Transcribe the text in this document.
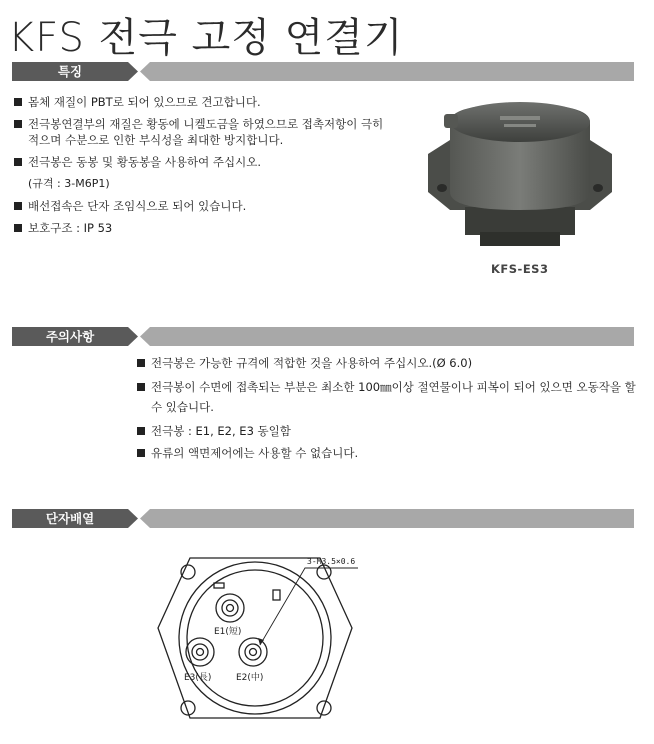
KFS 전극 고정 연결기
특징
몸체 재질이 PBT로 되어 있으므로 견고합니다.
전극봉연결부의 재질은 황동에 니켈도금을 하였으므로 접촉저항이 극히 적으며 수분으로 인한 부식성을 최대한 방지합니다.
전극봉은 동봉 및 황동봉을 사용하여 주십시오.
(규격 : 3-M6P1)
배선접속은 단자 조임식으로 되어 있습니다.
보호구조 : IP 53
KFS-ES3
주의사항
전극봉은 가능한 규격에 적합한 것을 사용하여 주십시오.(Ø 6.0)
전극봉이 수면에 접촉되는 부분은 최소한 100㎜이상 절연물이나 피복이 되어 있으면 오동작을 할 수 있습니다.
전극봉 : E1, E2, E3 동일함
유류의 액면제어에는 사용할 수 없습니다.
단자배열
3-M3.5×0.6
E1(短)
E2(中)
E3(長)
